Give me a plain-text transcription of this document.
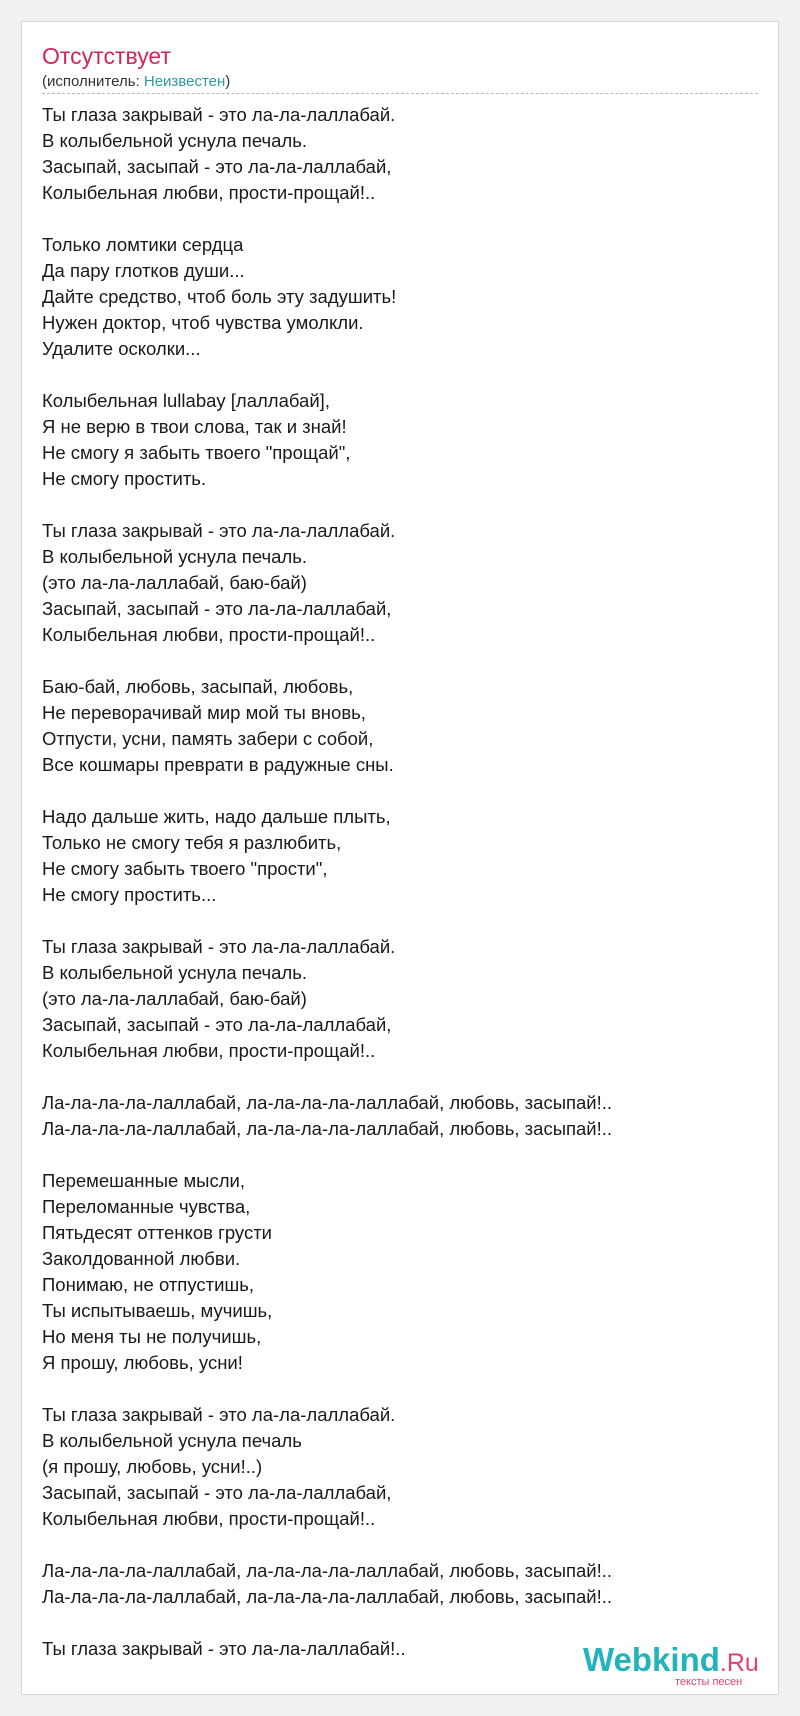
Отсутствует
(исполнитель: Неизвестен)
Ты глаза закрывай - это ла-ла-лаллабай.
В колыбельной уснула печаль.
Засыпай, засыпай - это ла-ла-лаллабай,
Колыбельная любви, прости-прощай!..
Только ломтики сердца
Да пару глотков души...
Дайте средство, чтоб боль эту задушить!
Нужен доктор, чтоб чувства умолкли.
Удалите осколки...
Колыбельная lullabay [лаллабай],
Я не верю в твои слова, так и знай!
Не смогу я забыть твоего "прощай",
Не смогу простить.
Ты глаза закрывай - это ла-ла-лаллабай.
В колыбельной уснула печаль.
(это ла-ла-лаллабай, баю-бай)
Засыпай, засыпай - это ла-ла-лаллабай,
Колыбельная любви, прости-прощай!..
Баю-бай, любовь, засыпай, любовь,
Не переворачивай мир мой ты вновь,
Отпусти, усни, память забери с собой,
Все кошмары преврати в радужные сны.
Надо дальше жить, надо дальше плыть,
Только не смогу тебя я разлюбить,
Не смогу забыть твоего "прости",
Не смогу простить...
Ты глаза закрывай - это ла-ла-лаллабай.
В колыбельной уснула печаль.
(это ла-ла-лаллабай, баю-бай)
Засыпай, засыпай - это ла-ла-лаллабай,
Колыбельная любви, прости-прощай!..
Ла-ла-ла-ла-лаллабай, ла-ла-ла-ла-лаллабай, любовь, засыпай!..
Ла-ла-ла-ла-лаллабай, ла-ла-ла-ла-лаллабай, любовь, засыпай!..
Перемешанные мысли,
Переломанные чувства,
Пятьдесят оттенков грусти
Заколдованной любви.
Понимаю, не отпустишь,
Ты испытываешь, мучишь,
Но меня ты не получишь,
Я прошу, любовь, усни!
Ты глаза закрывай - это ла-ла-лаллабай.
В колыбельной уснула печаль
(я прошу, любовь, усни!..)
Засыпай, засыпай - это ла-ла-лаллабай,
Колыбельная любви, прости-прощай!..
Ла-ла-ла-ла-лаллабай, ла-ла-ла-ла-лаллабай, любовь, засыпай!..
Ла-ла-ла-ла-лаллабай, ла-ла-ла-ла-лаллабай, любовь, засыпай!..
Ты глаза закрывай - это ла-ла-лаллабай!..	Webkind.Ru
тексты песен
